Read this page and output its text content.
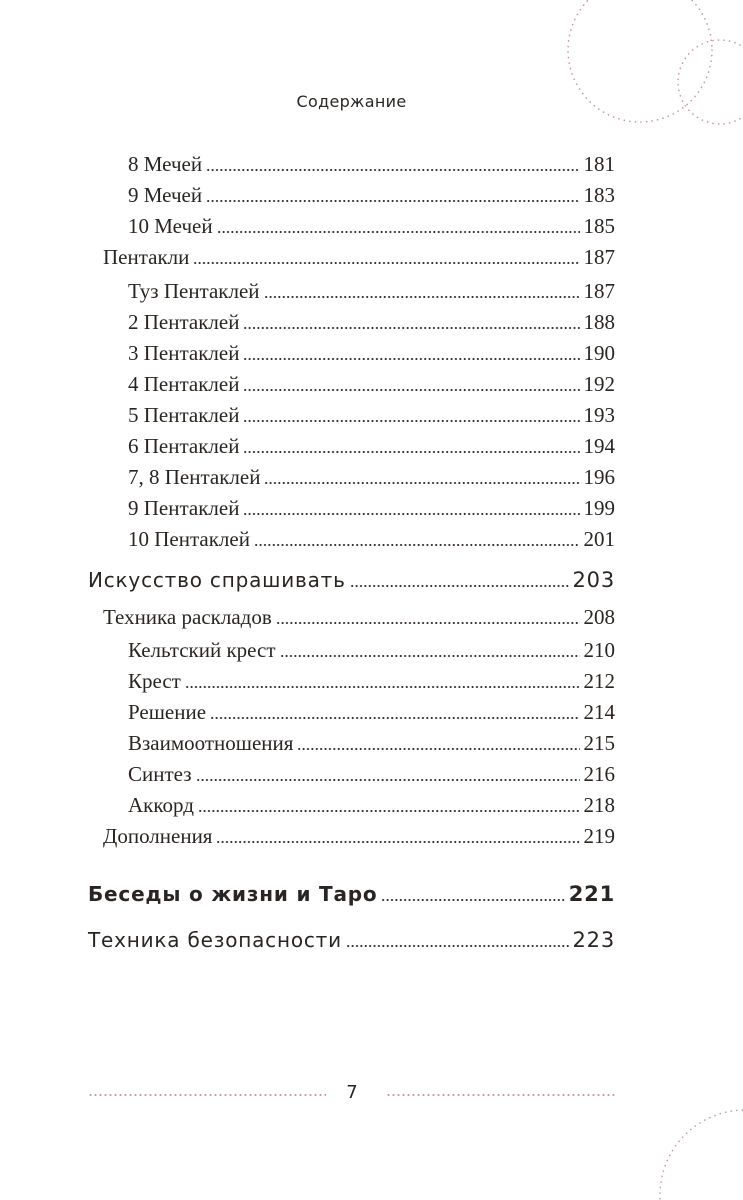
Содержание
8 Мечей	181
9 Мечей	183
10 Мечей	185
Пентакли	187
Туз Пентаклей	187
2 Пентаклей	188
3 Пентаклей	190
4 Пентаклей	192
5 Пентаклей	193
6 Пентаклей	194
7, 8 Пентаклей	196
9 Пентаклей	199
10 Пентаклей	201
Искусство спрашивать	203
Техника раскладов	208
Кельтский крест	210
Крест	212
Решение	214
Взаимоотношения	215
Синтез	216
Аккорд	218
Дополнения	219
Беседы о жизни и Таро	221
Техника безопасности	223
7
